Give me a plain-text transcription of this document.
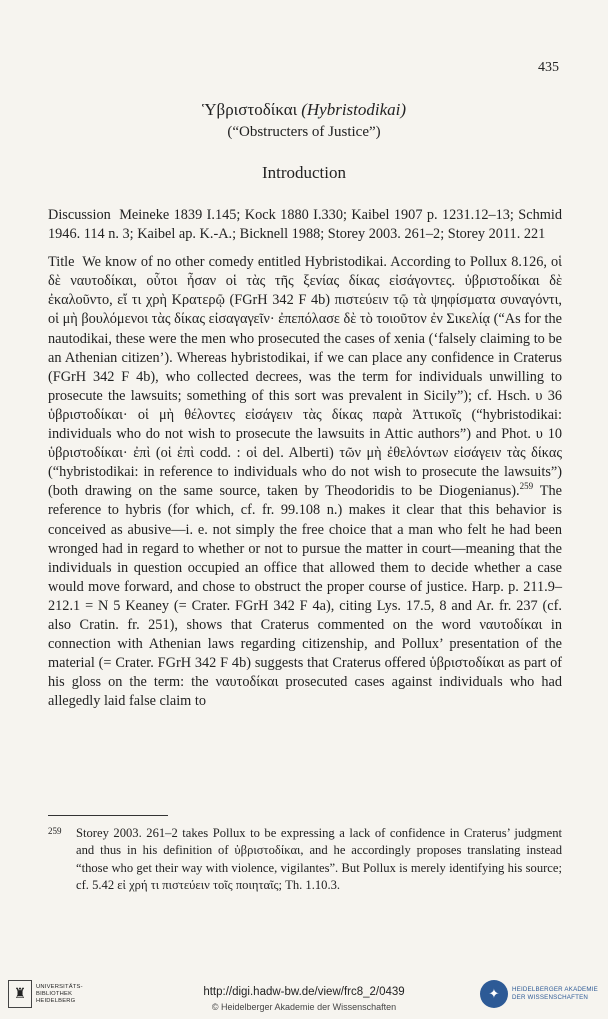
435
Ὑβριστοδίκαι (Hybristodikai)
(“Obstructers of Justice”)
Introduction

Discussion Meineke 1839 I.145; Kock 1880 I.330; Kaibel 1907 p. 1231.12–13; Schmid 1946. 114 n. 3; Kaibel ap. K.-A.; Bicknell 1988; Storey 2003. 261–2; Storey 2011. 221

Title We know of no other comedy entitled Hybristodikai. According to Pollux 8.126, οἱ δὲ ναυτοδίκαι, οὗτοι ἦσαν οἱ τὰς τῆς ξενίας δίκας εἰσάγοντες. ὑβριστοδίκαι δὲ ἐκαλοῦντο, εἴ τι χρὴ Κρατερῷ (FGrH 342 F 4b) πιστεύειν τῷ τὰ ψηφίσματα συναγόντι, οἱ μὴ βουλόμενοι τὰς δίκας εἰσαγαγεῖν· ἐπεπόλασε δὲ τὸ τοιοῦτον ἐν Σικελίᾳ (“As for the nautodikai, these were the men who prosecuted the cases of xenia (‘falsely claiming to be an Athenian citizen’). Whereas hybristodikai, if we can place any confidence in Craterus (FGrH 342 F 4b), who collected decrees, was the term for individuals unwilling to prosecute the lawsuits; something of this sort was prevalent in Sicily”); cf. Hsch. υ 36 ὑβριστοδίκαι· οἱ μὴ θέλοντες εἰσάγειν τὰς δίκας παρὰ Ἀττικοῖς (“hybristodikai: individuals who do not wish to prosecute the lawsuits in Attic authors”) and Phot. υ 10 ὑβριστοδίκαι· ἐπὶ (οἱ ἐπὶ codd. : οἱ del. Alberti) τῶν μὴ ἐθελόντων εἰσάγειν τὰς δίκας (“hybristodikai: in reference to individuals who do not wish to prosecute the lawsuits”) (both drawing on the same source, taken by Theodoridis to be Diogenianus).$^{259}$ The reference to hybris (for which, cf. fr. 99.108 n.) makes it clear that this behavior is conceived as abusive—i. e. not simply the free choice that a man who felt he had been wronged had in regard to whether or not to pursue the matter in court—meaning that the individuals in question occupied an office that allowed them to decide whether a case would move forward, and chose to obstruct the proper course of justice. Harp. p. 211.9–212.1 = N 5 Keaney (= Crater. FGrH 342 F 4a), citing Lys. 17.5, 8 and Ar. fr. 237 (cf. also Cratin. fr. 251), shows that Craterus commented on the word ναυτοδίκαι in connection with Athenian laws regarding citizenship, and Pollux’ presentation of the material (= Crater. FGrH 342 F 4b) suggests that Craterus offered ὑβριστοδίκαι as part of his gloss on the term: the ναυτοδίκαι prosecuted cases against individuals who had allegedly laid false claim to

259 Storey 2003. 261–2 takes Pollux to be expressing a lack of confidence in Craterus’ judgment and thus in his definition of ὑβριστοδίκαι, and he accordingly proposes translating instead “those who get their way with violence, vigilantes”. But Pollux is merely identifying his source; cf. 5.42 εἰ χρή τι πιστεύειν τοῖς ποιηταῖς; Th. 1.10.3.
♜	UNIVERSITÄTS-
BIBLIOTHEK
HEIDELBERG
http://digi.hadw-bw.de/view/frc8_2/0439
© Heidelberger Akademie der Wissenschaften
✦	HEIDELBERGER AKADEMIE
DER WISSENSCHAFTEN
